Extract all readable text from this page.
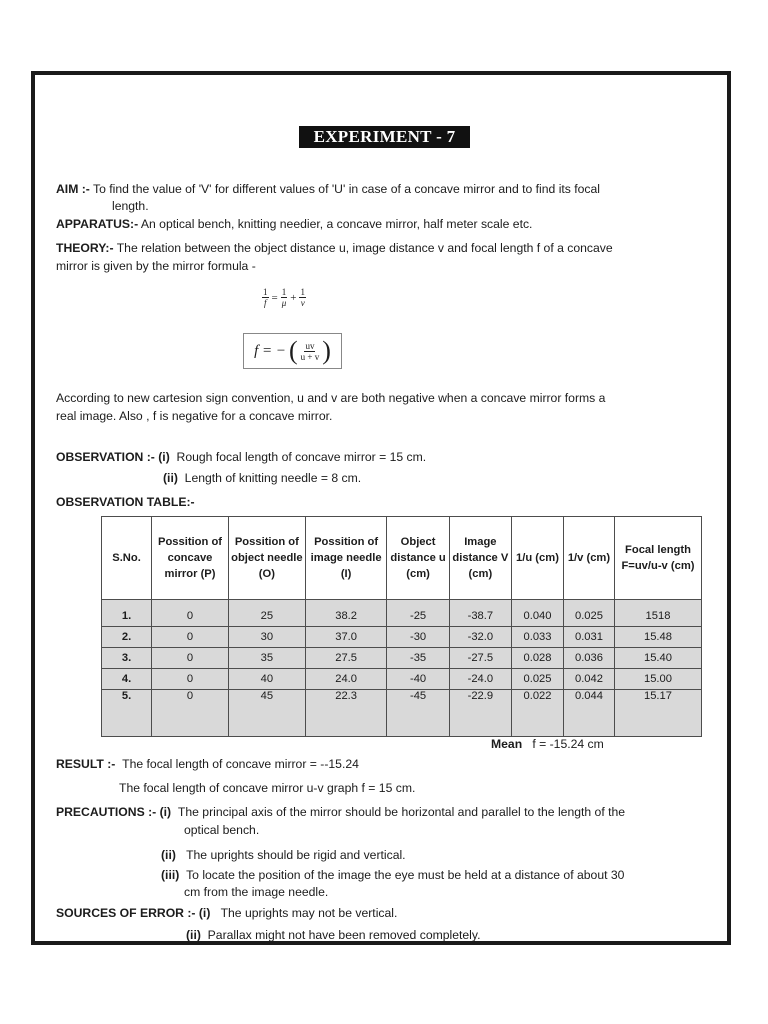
EXPERIMENT - 7
AIM :- To find the value of 'V' for different values of 'U' in case of a concave mirror and to find its focal
length.
APPARATUS:- An optical bench, knitting needier, a concave mirror, half meter scale etc.
THEORY:- The relation between the object distance u, image distance v and focal length f of a concave
mirror is given by the mirror formula -
$\frac{1}{f} = \frac{1}{\mu} + \frac{1}{v}$
f = − ( $\frac{uv}{u + v}$ )
According to new cartesion sign convention, u and v are both negative when a concave mirror forms a
real image. Also , f is negative for a concave mirror.
OBSERVATION :- (i) Rough focal length of concave mirror = 15 cm.
(ii) Length of knitting needle = 8 cm.
OBSERVATION TABLE:-
S.No.	Possition of concave mirror (P)	Possition of object needle (O)	Possition of image needle (I)	Object distance u (cm)	Image distance V (cm)	1/u (cm)	1/v (cm)	Focal length F=uv/u-v (cm)
1.	0	25	38.2	-25	-38.7	0.040	0.025	1518
2.	0	30	37.0	-30	-32.0	0.033	0.031	15.48
3.	0	35	27.5	-35	-27.5	0.028	0.036	15.40
4.	0	40	24.0	-40	-24.0	0.025	0.042	15.00
5.	0	45	22.3	-45	-22.9	0.022	0.044	15.17
Mean f = -15.24 cm
RESULT :- The focal length of concave mirror = --15.24
The focal length of concave mirror u-v graph f = 15 cm.
PRECAUTIONS :- (i) The principal axis of the mirror should be horizontal and parallel to the length of the
optical bench.
(ii) The uprights should be rigid and vertical.
(iii) To locate the position of the image the eye must be held at a distance of about 30
cm from the image needle.
SOURCES OF ERROR :- (i) The uprights may not be vertical.
(ii) Parallax might not have been removed completely.
